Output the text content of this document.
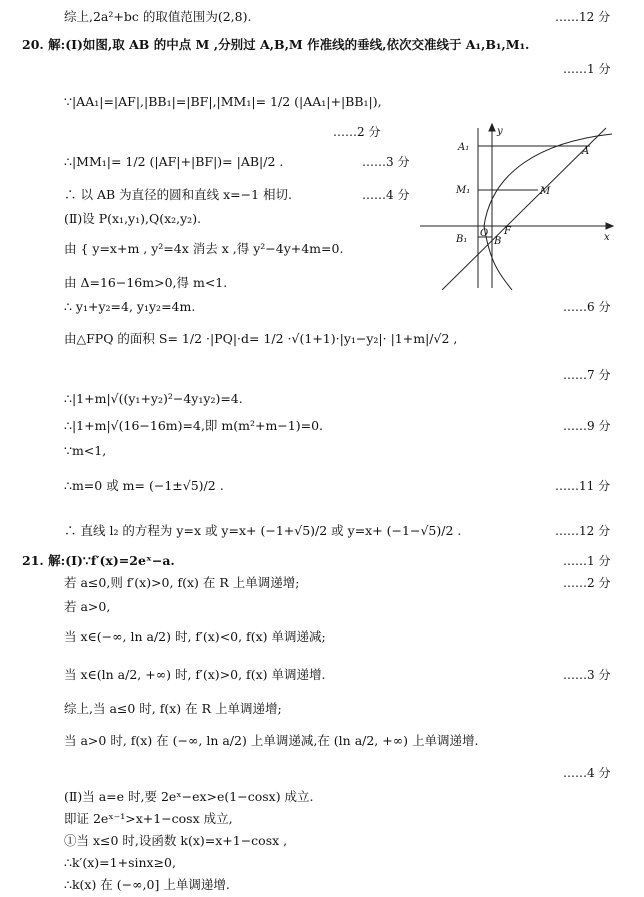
综上,2a²+bc 的取值范围为(2,8).	……12 分
20. 解:(Ⅰ)如图,取 AB 的中点 M ,分别过 A,B,M 作准线的垂线,依次交准线于 A₁,B₁,M₁.
……1 分
∵|AA₁|=|AF|,|BB₁|=|BF|,|MM₁|= 1/2 (|AA₁|+|BB₁|),
……2 分
∴|MM₁|= 1/2 (|AF|+|BF|)= |AB|/2 .	……3 分
∴ 以 AB 为直径的圆和直线 x=−1 相切.	……4 分
(Ⅱ)设 P(x₁,y₁),Q(x₂,y₂).
由 { y=x+m , y²=4x 消去 x ,得 y²−4y+4m=0.
由 Δ=16−16m>0,得 m<1.
∴ y₁+y₂=4, y₁y₂=4m.	……6 分
由△FPQ 的面积 S= 1/2 ·|PQ|·d= 1/2 ·√(1+1)·|y₁−y₂|· |1+m|/√2 ,
……7 分
∴|1+m|√((y₁+y₂)²−4y₁y₂)=4.
∴|1+m|√(16−16m)=4,即 m(m²+m−1)=0.	……9 分
∵m<1,
∴m=0 或 m= (−1±√5)/2 .	……11 分
∴ 直线 l₂ 的方程为 y=x 或 y=x+ (−1+√5)/2 或 y=x+ (−1−√5)/2 .	……12 分
21. 解:(Ⅰ)∵f′(x)=2eˣ−a.	……1 分
若 a≤0,则 f′(x)>0, f(x) 在 R 上单调递增;	……2 分
若 a>0,
当 x∈(−∞, ln a/2) 时, f′(x)<0, f(x) 单调递减;
当 x∈(ln a/2, +∞) 时, f′(x)>0, f(x) 单调递增.	……3 分
综上,当 a≤0 时, f(x) 在 R 上单调递增;
当 a>0 时, f(x) 在 (−∞, ln a/2) 上单调递减,在 (ln a/2, +∞) 上单调递增.
……4 分
(Ⅱ)当 a=e 时,要 2eˣ−ex>e(1−cosx) 成立.
即证 2eˣ⁻¹>x+1−cosx 成立,
①当 x≤0 时,设函数 k(x)=x+1−cosx ,
∴k′(x)=1+sinx≥0,
∴k(x) 在 (−∞,0] 上单调递增.
A₁	A
M₁	M
B₁	B
F
O	x
y
